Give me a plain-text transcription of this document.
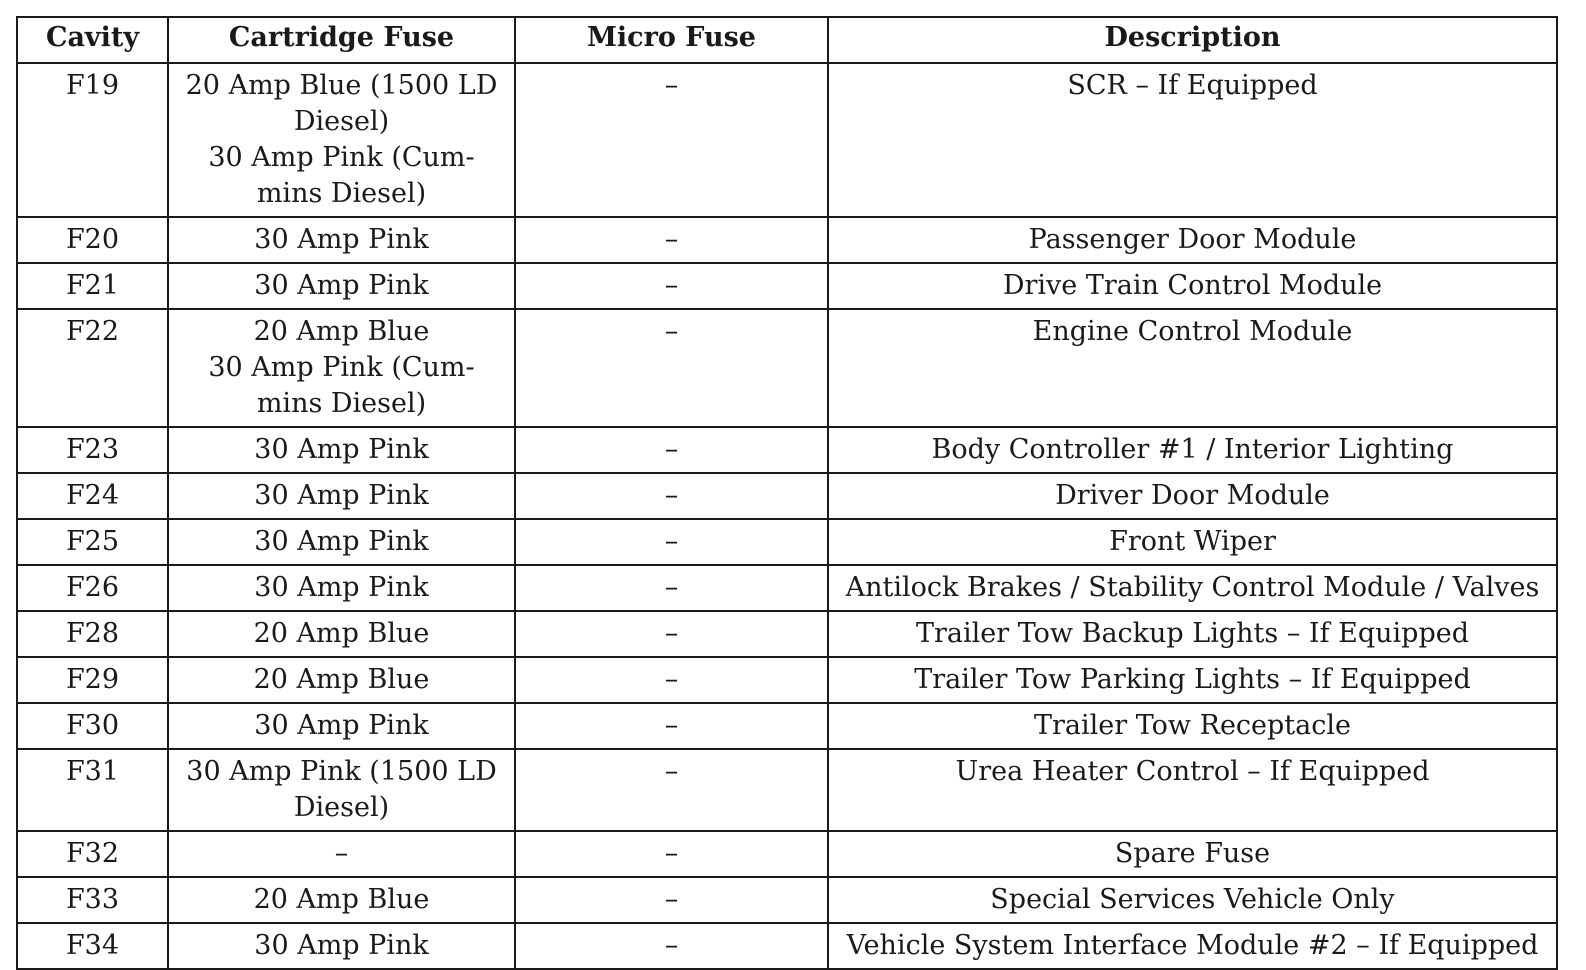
Cavity	Cartridge Fuse	Micro Fuse	Description
F19	20 Amp Blue (1500 LD
Diesel)
30 Amp Pink (Cum-
mins Diesel)	–	SCR – If Equipped
F20	30 Amp Pink	–	Passenger Door Module
F21	30 Amp Pink	–	Drive Train Control Module
F22	20 Amp Blue
30 Amp Pink (Cum-
mins Diesel)	–	Engine Control Module
F23	30 Amp Pink	–	Body Controller #1 / Interior Lighting
F24	30 Amp Pink	–	Driver Door Module
F25	30 Amp Pink	–	Front Wiper
F26	30 Amp Pink	–	Antilock Brakes / Stability Control Module / Valves
F28	20 Amp Blue	–	Trailer Tow Backup Lights – If Equipped
F29	20 Amp Blue	–	Trailer Tow Parking Lights – If Equipped
F30	30 Amp Pink	–	Trailer Tow Receptacle
F31	30 Amp Pink (1500 LD
Diesel)	–	Urea Heater Control – If Equipped
F32	–	–	Spare Fuse
F33	20 Amp Blue	–	Special Services Vehicle Only
F34	30 Amp Pink	–	Vehicle System Interface Module #2 – If Equipped
